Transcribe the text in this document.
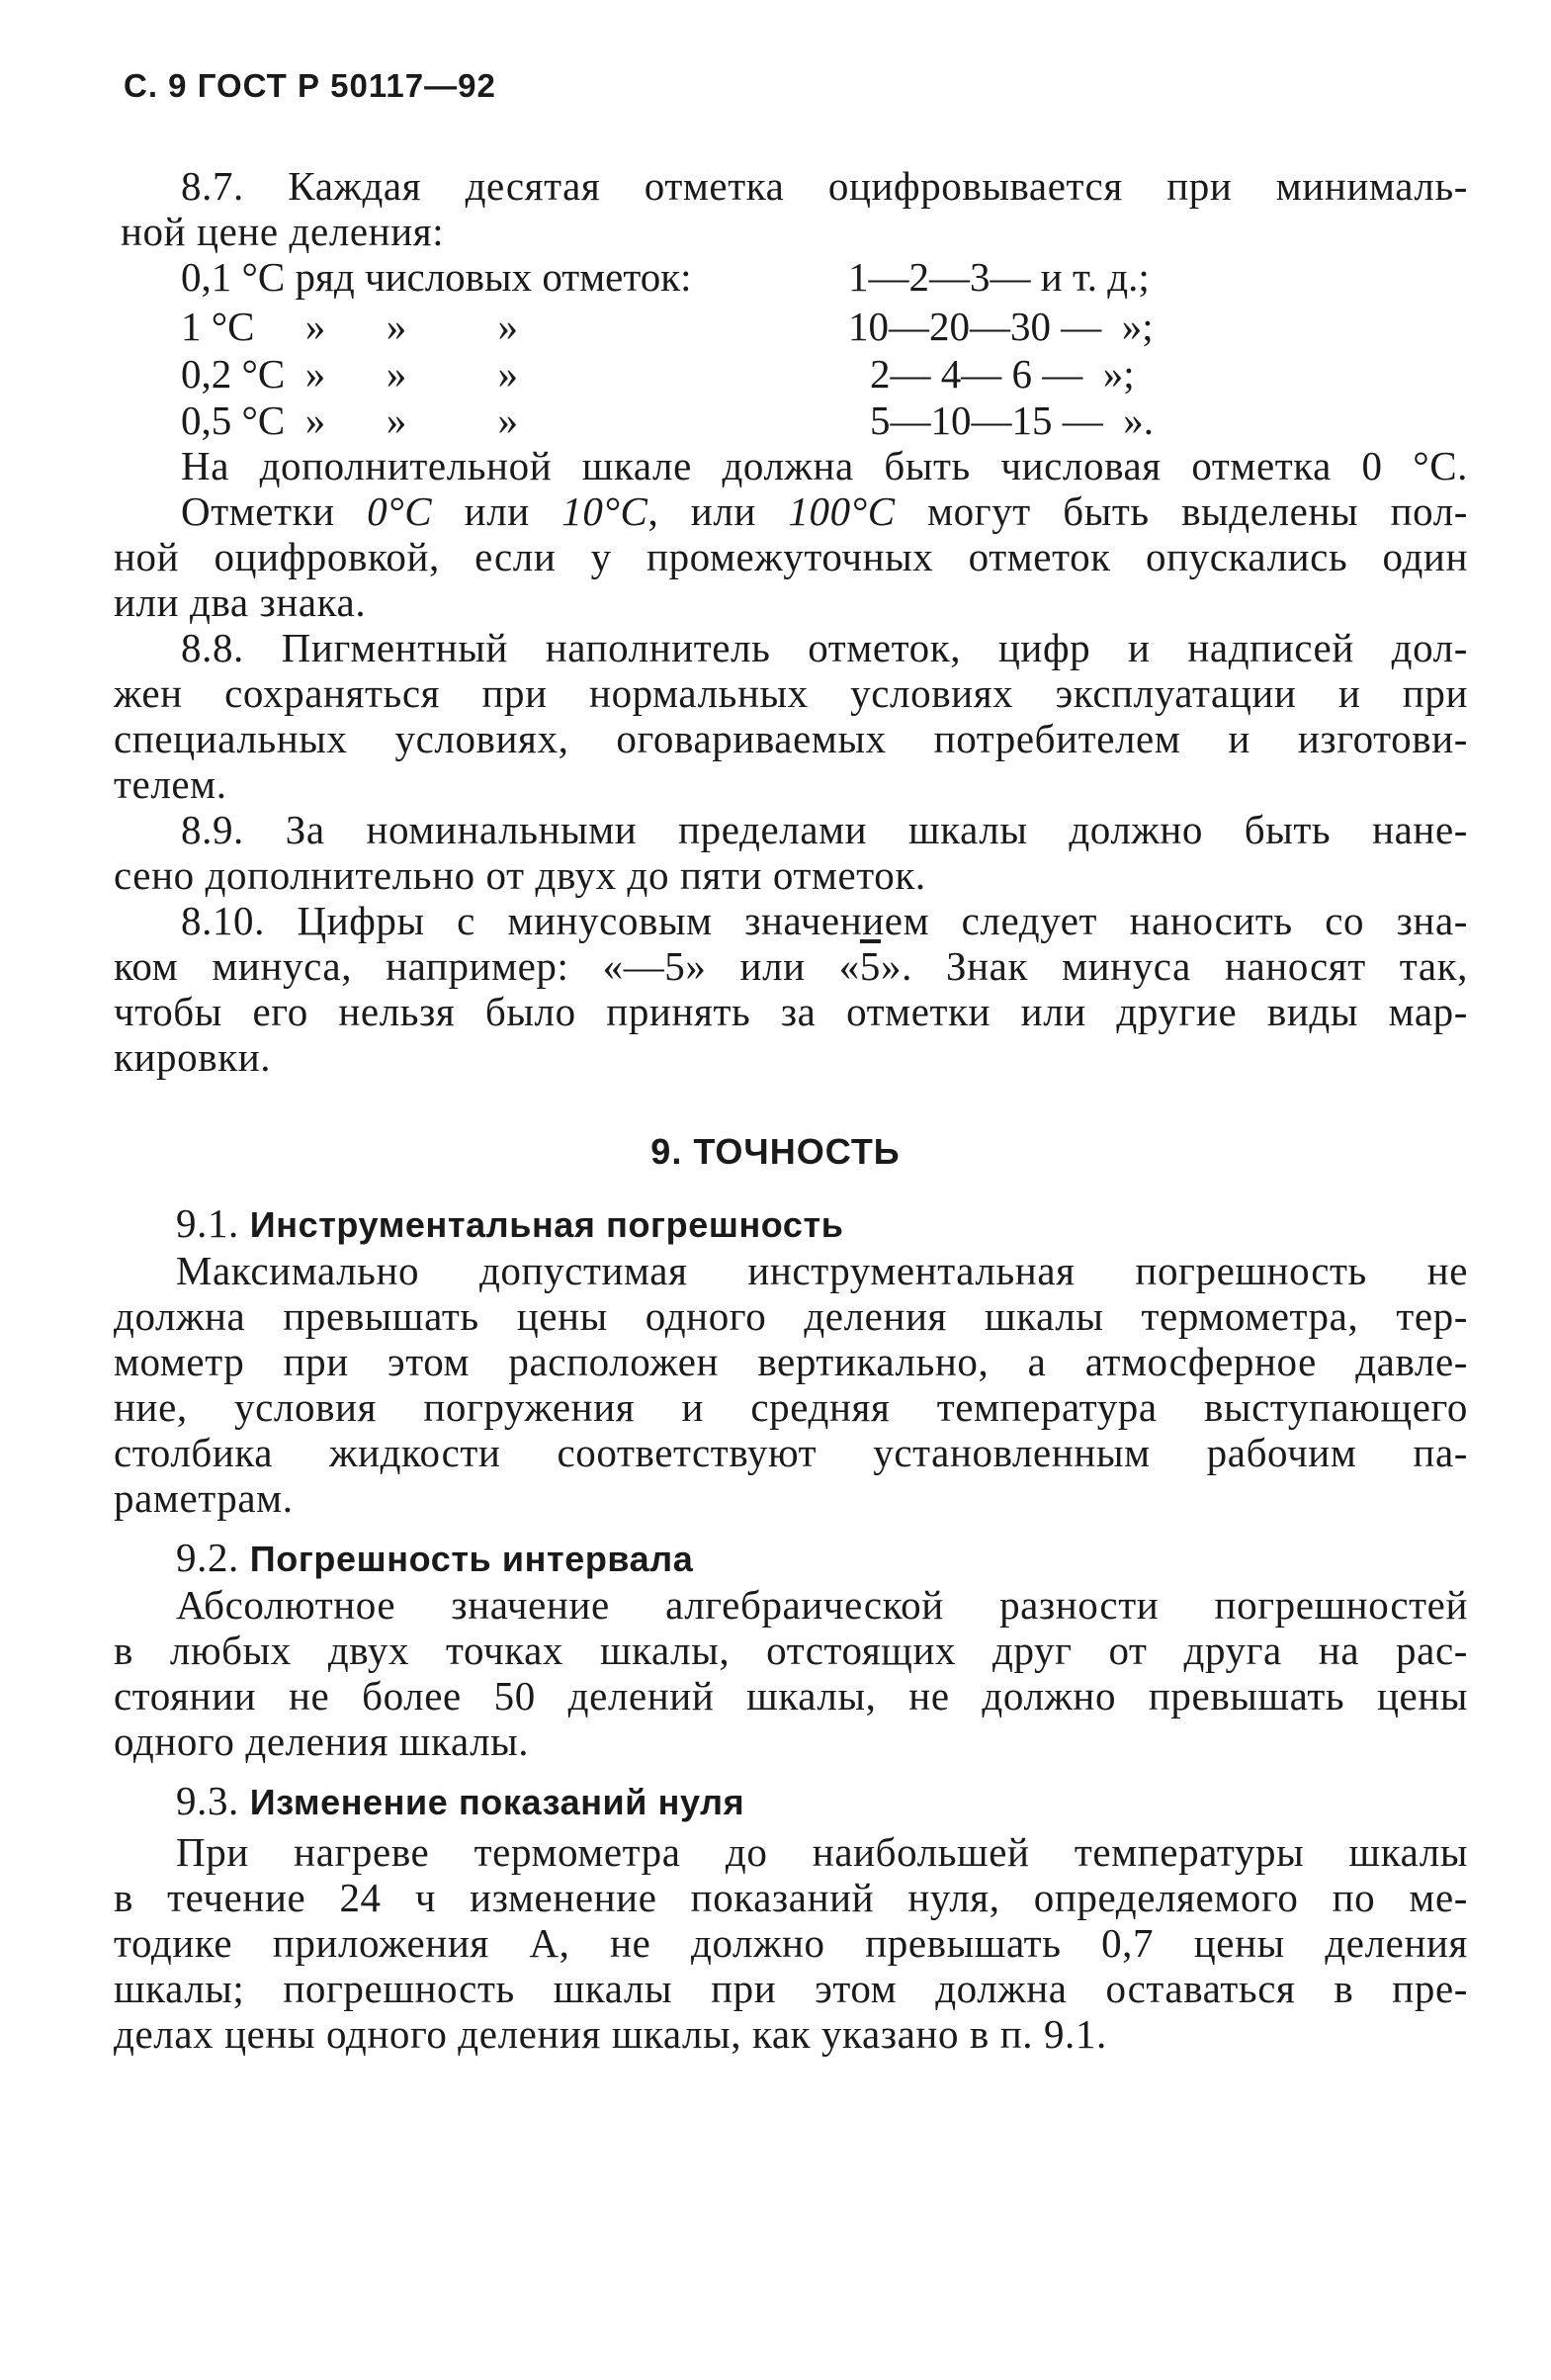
С. 9 ГОСТ Р 50117—92
8.7. Каждая десятая отметка оцифровывается при минималь-
ной цене деления:
0,1 °С ряд числовых отметок:	1—2—3— и т. д.;
1 °С     »      »         »	10—20—30 —  »;
0,2 °С  »      »         »	2— 4— 6 —  »;
0,5 °С  »      »         »	5—10—15 —  ».
На дополнительной шкале должна быть числовая отметка 0 °С.
Отметки 0°С или 10°С, или 100°С могут быть выделены пол-
ной оцифровкой, если у промежуточных отметок опускались один
или два знака.
8.8. Пигментный наполнитель отметок, цифр и надписей дол-
жен сохраняться при нормальных условиях эксплуатации и при
специальных условиях, оговариваемых потребителем и изготови-
телем.
8.9. За номинальными пределами шкалы должно быть нане-
сено дополнительно от двух до пяти отметок.
8.10. Цифры с минусовым значением следует наносить со зна-
ком минуса, например: «—5» или «5». Знак минуса наносят так,
чтобы его нельзя было принять за отметки или другие виды мар-
кировки.
9. ТОЧНОСТЬ
9.1. Инструментальная погрешность
Максимально допустимая инструментальная погрешность не
должна превышать цены одного деления шкалы термометра, тер-
мометр при этом расположен вертикально, а атмосферное давле-
ние, условия погружения и средняя температура выступающего
столбика жидкости соответствуют установленным рабочим па-
раметрам.
9.2. Погрешность интервала
Абсолютное значение алгебраической разности погрешностей
в любых двух точках шкалы, отстоящих друг от друга на рас-
стоянии не более 50 делений шкалы, не должно превышать цены
одного деления шкалы.
9.3. Изменение показаний нуля
При нагреве термометра до наибольшей температуры шкалы
в течение 24 ч изменение показаний нуля, определяемого по ме-
тодике приложения А, не должно превышать 0,7 цены деления
шкалы; погрешность шкалы при этом должна оставаться в пре-
делах цены одного деления шкалы, как указано в п. 9.1.
